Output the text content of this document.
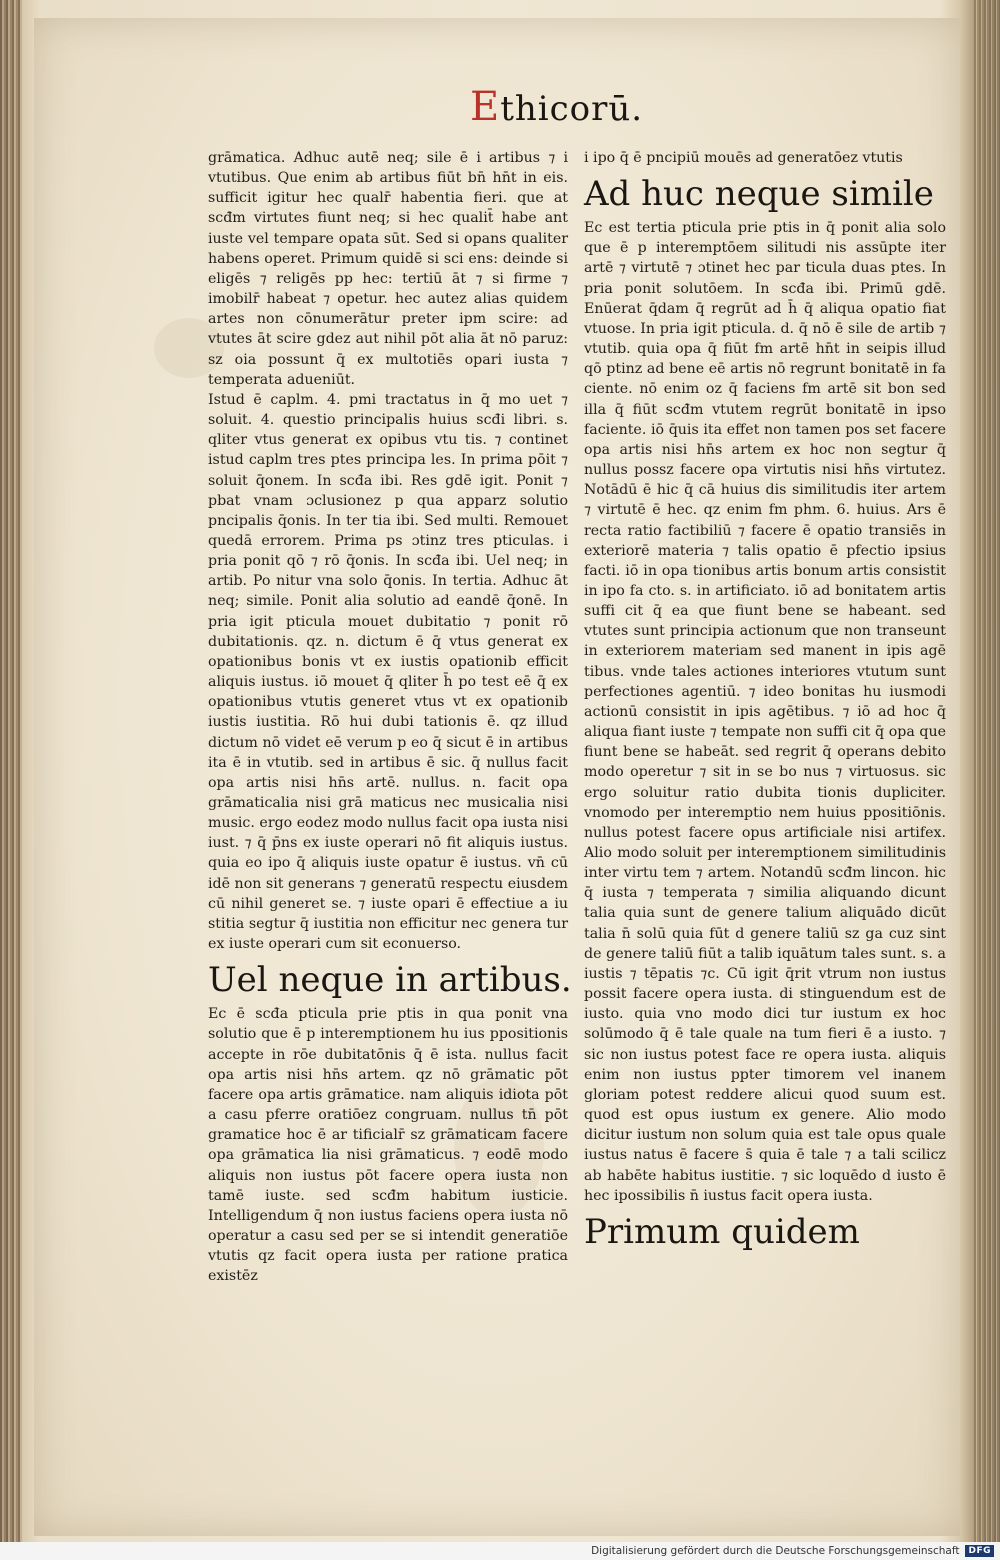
Ethicorū.

grāmatica. Adhuc autē neq; sile ē i artibus ⁊ i vtutibus. Que enim ab artibus fiūt bn̄ hn̄t in eis. sufficit igitur hec qualr̄ habentia fieri. que at scđm virtutes fiunt neq; si hec qualit̄ habe ant iuste vel tempare opata sūt. Sed si opans qualiter habens operet. Primum quidē si sci ens: deinde si eligēs ⁊ religēs pp hec: tertiū āt ⁊ si firme ⁊ imobilr̄ habeat ⁊ opetur. hec autez alias quidem artes non cōnumerātur preter ipm scire: ad vtutes āt scire gdez aut nihil pōt alia āt nō paruz: sz oia possunt q̄ ex multotiēs opari iusta ⁊ temperata adueniūt.

Istud ē caplm. 4. pmi tractatus in q̄ mo uet ⁊ soluit. 4. questio principalis huius scđi libri. s. qliter vtus generat ex opibus vtu tis. ⁊ continet istud caplm tres ptes principa les. In prima pōit ⁊ soluit q̄onem. In scđa ibi. Res gdē igit. Ponit ⁊ pbat vnam ɔclusionez p qua apparz solutio pncipalis q̄onis. In ter tia ibi. Sed multi. Remouet quedā errorem. Prima ps ɔtinz tres pticulas. i pria ponit qō ⁊ rō q̄onis. In scđa ibi. Uel neq; in artib. Po nitur vna solo q̄onis. In tertia. Adhuc āt neq; simile. Ponit alia solutio ad eandē q̄onē. In pria igit pticula mouet dubitatio ⁊ ponit rō dubitationis. qz. n. dictum ē q̄ vtus generat ex opationibus bonis vt ex iustis opationib efficit aliquis iustus. iō mouet q̄ qliter h̄ po test eē q̄ ex opationibus vtutis generet vtus vt ex opationib iustis iustitia. Rō hui dubi tationis ē. qz illud dictum nō videt eē verum p eo q̄ sicut ē in artibus ita ē in vtutib. sed in artibus ē sic. q̄ nullus facit opa artis nisi hn̄s artē. nullus. n. facit opa grāmaticalia nisi grā maticus nec musicalia nisi music. ergo eodez modo nullus facit opa iusta nisi iust. ⁊ q̄ p̄ns ex iuste operari nō fit aliquis iustus. quia eo ipo q̄ aliquis iuste opatur ē iustus. vn̄ cū idē non sit generans ⁊ generatū respectu eiusdem cū nihil generet se. ⁊ iuste opari ē effectiue a iu stitia segtur q̄ iustitia non efficitur nec genera tur ex iuste operari cum sit econuerso.

Uel neque in artibus.

Ec ē scđa pticula prie ptis in qua ponit vna solutio que ē p interemptionem hu ius ppositionis accepte in rōe dubitatōnis q̄ ē ista. nullus facit opa artis nisi hn̄s artem. qz nō grāmatic pōt facere opa artis grāmatice. nam aliquis idiota pōt a casu pferre oratiōez congruam. nullus tn̄ pōt gramatice hoc ē ar tificialr̄ sz grāmaticam facere opa grāmatica lia nisi grāmaticus. ⁊ eodē modo aliquis non iustus pōt facere opera iusta non tamē iuste. sed scđm habitum iusticie. Intelligendum q̄ non iustus faciens opera iusta nō operatur a casu sed per se si intendit generatiōe vtutis qz facit opera iusta per ratione pratica existēz

i ipo q̄ ē pncipiū mouēs ad generatōez vtutis

Ad huc neque simile

Ec est tertia pticula prie ptis in q̄ ponit alia solo que ē p interemptōem silitudi nis assūpte iter artē ⁊ virtutē ⁊ ɔtinet hec par ticula duas ptes. In pria ponit solutōem. In scđa ibi. Primū gdē. Enūerat q̄dam q̄ regrūt ad h̄ q̄ aliqua opatio fiat vtuose. In pria igit pticula. d. q̄ nō ē sile de artib ⁊ vtutib. quia opa q̄ fiūt fm artē hn̄t in seipis illud qō ptinz ad bene eē artis nō regrunt bonitatē in fa ciente. nō enim oz q̄ faciens fm artē sit bon sed illa q̄ fiūt scđm vtutem regrūt bonitatē in ipso faciente. iō q̄uis ita effet non tamen pos set facere opa artis nisi hn̄s artem ex hoc non segtur q̄ nullus possz facere opa virtutis nisi hn̄s virtutez. Notādū ē hic q̄ cā huius dis similitudis iter artem ⁊ virtutē ē hec. qz enim fm phm. 6. huius. Ars ē recta ratio factibiliū ⁊ facere ē opatio transiēs in exteriorē materia ⁊ talis opatio ē pfectio ipsius facti. iō in opa tionibus artis bonum artis consistit in ipo fa cto. s. in artificiato. iō ad bonitatem artis suffi cit q̄ ea que fiunt bene se habeant. sed vtutes sunt principia actionum que non transeunt in exteriorem materiam sed manent in ipis agē tibus. vnde tales actiones interiores vtutum sunt perfectiones agentiū. ⁊ ideo bonitas hu iusmodi actionū consistit in ipis agētibus. ⁊ iō ad hoc q̄ aliqua fiant iuste ⁊ tempate non suffi cit q̄ opa que fiunt bene se habeāt. sed regrit q̄ operans debito modo operetur ⁊ sit in se bo nus ⁊ virtuosus. sic ergo soluitur ratio dubita tionis dupliciter. vnomodo per interemptio nem huius ppositiōnis. nullus potest facere opus artificiale nisi artifex. Alio modo soluit per interemptionem similitudinis inter virtu tem ⁊ artem. Notandū scđm lincon. hic q̄ iusta ⁊ temperata ⁊ similia aliquando dicunt talia quia sunt de genere talium aliquādo dicūt talia n̄ solū quia fūt d genere taliū sz ga cuz sint de genere taliū fiūt a talib iquātum tales sunt. s. a iustis ⁊ tēpatis ⁊c. Cū igit q̄rit vtrum non iustus possit facere opera iusta. di stinguendum est de iusto. quia vno modo dici tur iustum ex hoc solūmodo q̄ ē tale quale na tum fieri ē a iusto. ⁊ sic non iustus potest face re opera iusta. aliquis enim non iustus ppter timorem vel inanem gloriam potest reddere alicui quod suum est. quod est opus iustum ex genere. Alio modo dicitur iustum non solum quia est tale opus quale iustus natus ē facere s̄ quia ē tale ⁊ a tali scilicz ab habēte habitus iustitie. ⁊ sic loquēdo d iusto ē hec ipossibilis n̄ iustus facit opera iusta.

Primum quidem
Digitalisierung gefördert durch die Deutsche Forschungsgemeinschaft	DFG
